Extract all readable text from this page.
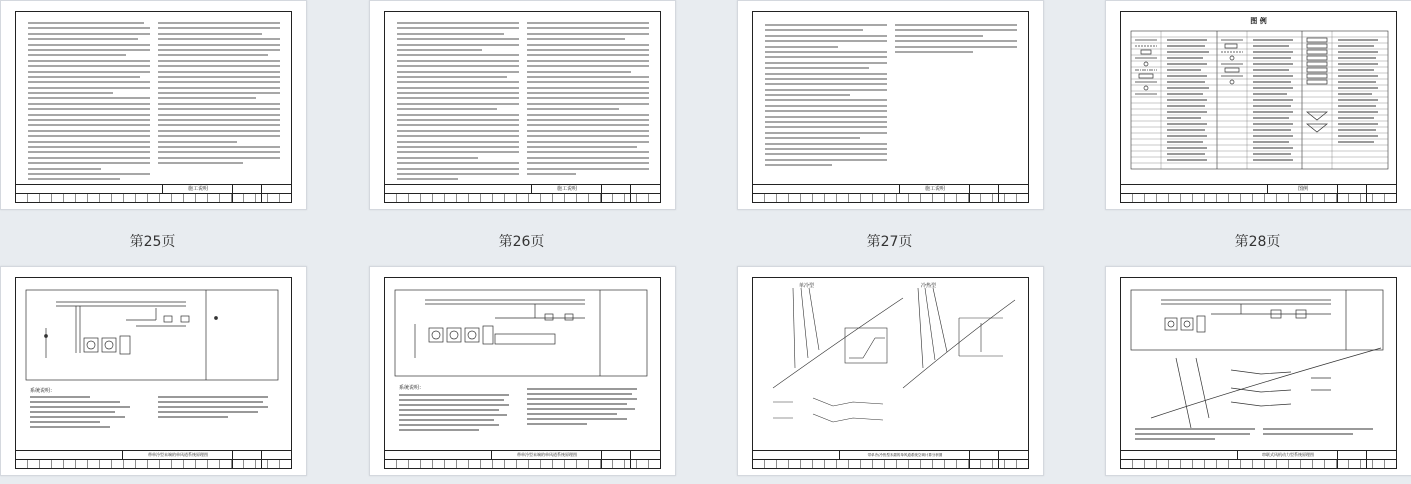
施工说明
第25页
施工说明
第26页
施工说明
第27页
图 例
图例
第28页
系统说明：
带单冷型末端的单风道系统原理图
系统说明：
带单冷型末端的单风道系统原理图
单冷型	冷热型
带单冷/冷热型末端的单风道系统空调计算分析图	串联式风机动力型系统原理图
